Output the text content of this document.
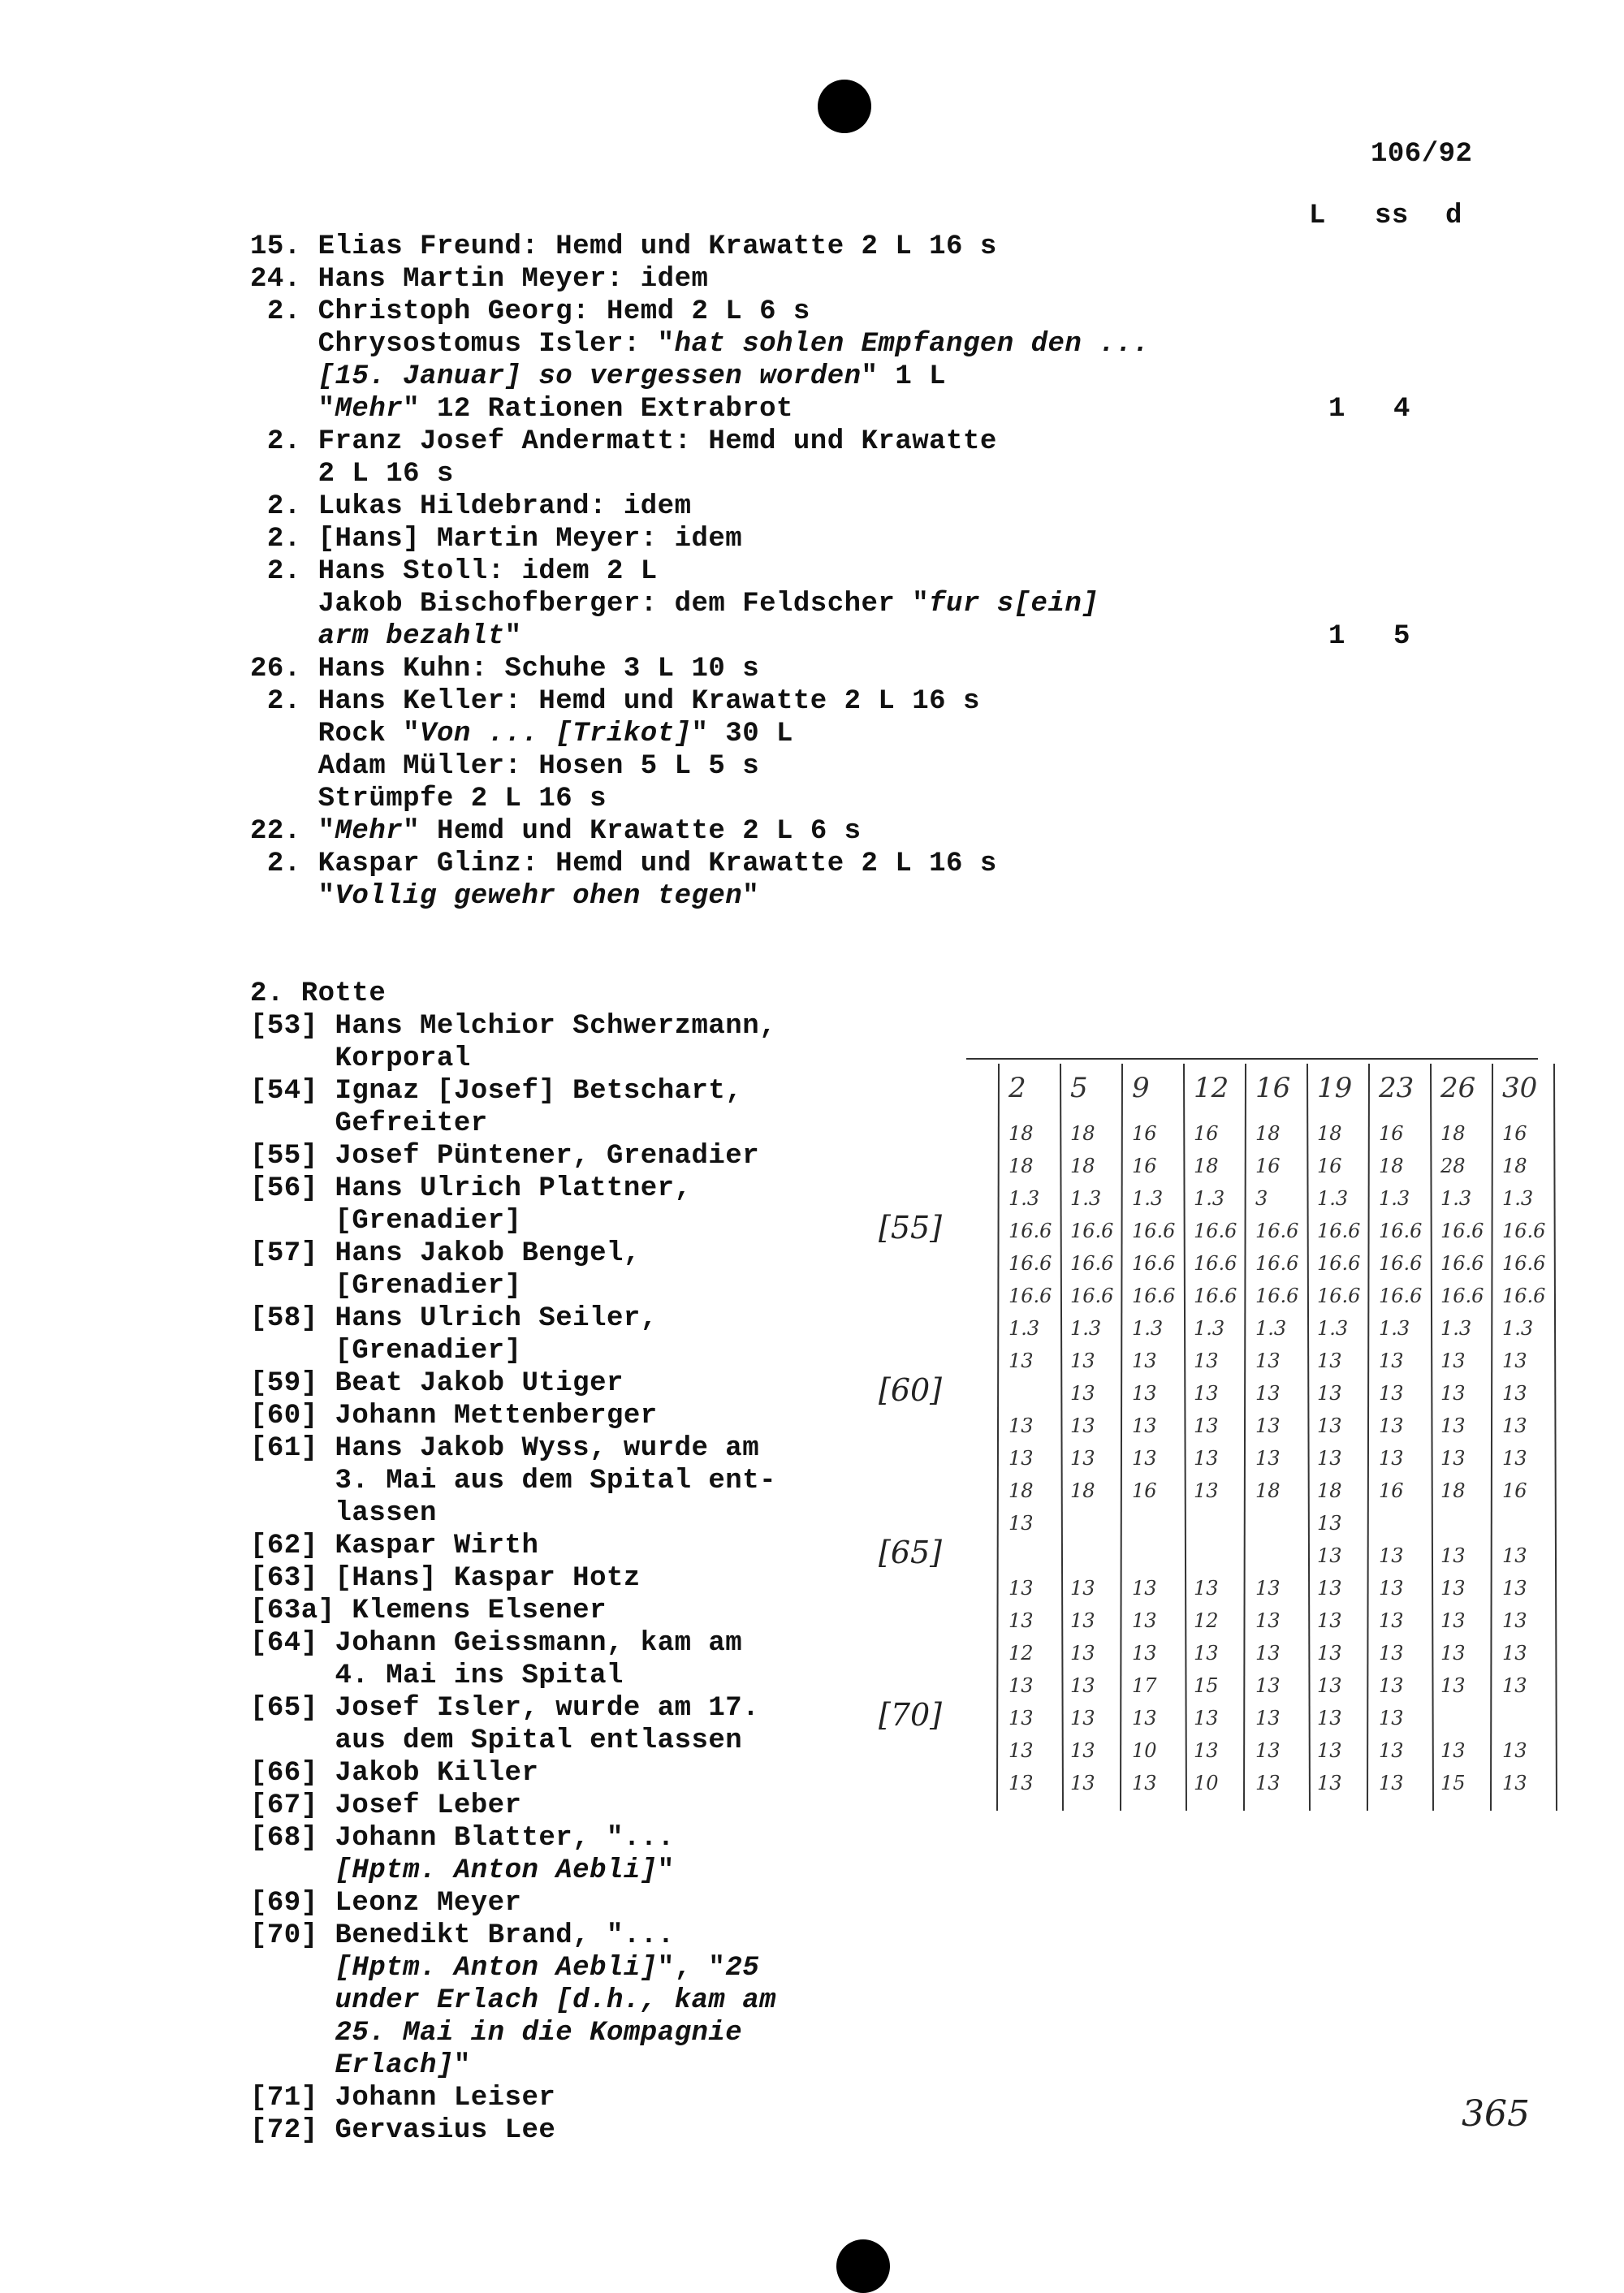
106/92
L ss d
15. Elias Freund: Hemd und Krawatte 2 L 16 s
24. Hans Martin Meyer: idem
2. Christoph Georg: Hemd 2 L 6 s
Chrysostomus Isler: "hat sohlen Empfangen den ...
[15. Januar] so vergessen worden" 1 L
"Mehr" 12 Rationen Extrabrot
2. Franz Josef Andermatt: Hemd und Krawatte
2 L 16 s
2. Lukas Hildebrand: idem
2. [Hans] Martin Meyer: idem
2. Hans Stoll: idem 2 L
Jakob Bischofberger: dem Feldscher "fur s[ein]
arm bezahlt"
26. Hans Kuhn: Schuhe 3 L 10 s
2. Hans Keller: Hemd und Krawatte 2 L 16 s
Rock "Von ... [Trikot]" 30 L
Adam Müller: Hosen 5 L 5 s
Strümpfe 2 L 16 s
22. "Mehr" Hemd und Krawatte 2 L 6 s
2. Kaspar Glinz: Hemd und Krawatte 2 L 16 s
"Vollig gewehr ohen tegen"
1 4
1 5
2. Rotte
[53] Hans Melchior Schwerzmann,
Korporal
[54] Ignaz [Josef] Betschart,
Gefreiter
[55] Josef Püntener, Grenadier
[56] Hans Ulrich Plattner,
[Grenadier]
[57] Hans Jakob Bengel,
[Grenadier]
[58] Hans Ulrich Seiler,
[Grenadier]
[59] Beat Jakob Utiger
[60] Johann Mettenberger
[61] Hans Jakob Wyss, wurde am
3. Mai aus dem Spital ent-
lassen
[62] Kaspar Wirth
[63] [Hans] Kaspar Hotz
[63a] Klemens Elsener
[64] Johann Geissmann, kam am
4. Mai ins Spital
[65] Josef Isler, wurde am 17.
aus dem Spital entlassen
[66] Jakob Killer
[67] Josef Leber
[68] Johann Blatter, "...
[Hptm. Anton Aebli]"
[69] Leonz Meyer
[70] Benedikt Brand, "...
[Hptm. Anton Aebli]", "25
under Erlach [d.h., kam am
25. Mai in die Kompagnie
Erlach]"
[71] Johann Leiser
[72] Gervasius Lee
2 5 9 12 16 19 23 26 30
18 18 16 16 18 18 16 18 16
18 18 16 18 16 16 18 28 18
1.3 1.3 1.3 1.3 3	1.3 1.3 1.3 1.3
16.6 16.6 16.6 16.6 16.6 16.6 16.6 16.6 16.6
16.6 16.6 16.6 16.6 16.6 16.6 16.6 16.6 16.6
16.6 16.6 16.6 16.6 16.6 16.6 16.6 16.6 16.6
1.3 1.3 1.3 1.3 1.3 1.3 1.3 1.3 1.3
13 13 13 13 13 13 13 13 13
13 13 13 13 13 13 13 13
13 13 13 13 13 13 13 13 13
13 13 13 13 13 13 13 13 13
18 18 16 13 18 18 16 18 16
13	13
13 13 13 13
13 13 13 13 13 13 13 13 13
13 13 13 12 13 13 13 13 13
12 13 13 13 13 13 13 13 13
13 13 17 15 13 13 13 13 13
13 13 13 13 13 13 13
13 13 10 13 13 13 13 13 13
13 13 13 10 13 13 13 15 13
365
[55]
[60]
[65]
[70]
